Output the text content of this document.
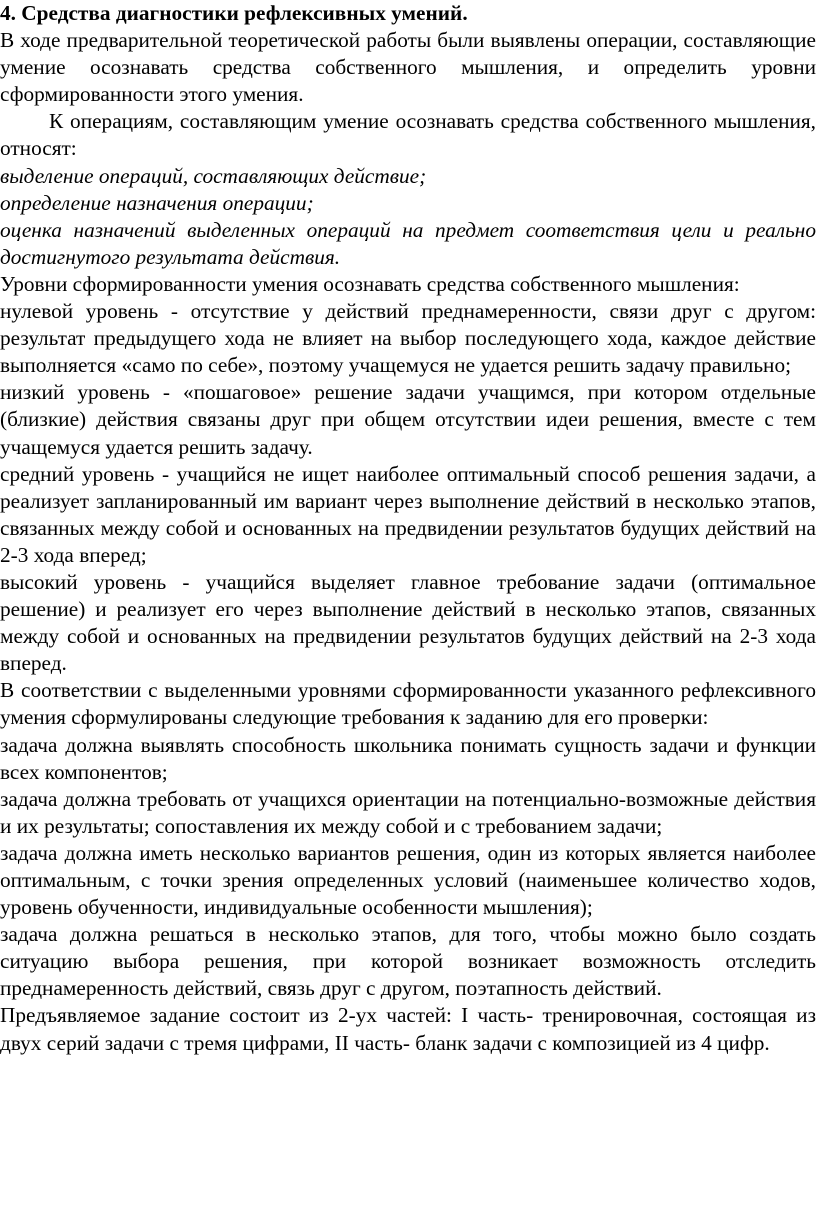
4. Средства диагностики рефлексивных умений.

В ходе предварительной теоретической работы были выявлены операции, составляющие умение осознавать средства собственного мышления, и определить уровни сформированности этого умения.

К операциям, составляющим умение осознавать средства собственного мышления, относят:

выделение операций, составляющих действие;

определение назначения операции;

оценка назначений выделенных операций на предмет соответствия цели и реально достигнутого результата действия.

Уровни сформированности умения осознавать средства собственного мышления:

нулевой уровень - отсутствие у действий преднамеренности, связи друг с другом: результат предыдущего хода не влияет на выбор последующего хода, каждое действие выполняется «само по себе», поэтому учащемуся не удается решить задачу правильно;

низкий уровень - «пошаговое» решение задачи учащимся, при котором отдельные (близкие) действия связаны друг при общем отсутствии идеи решения, вместе с тем учащемуся удается решить задачу.

средний уровень - учащийся не ищет наиболее оптимальный способ решения задачи, а реализует запланированный им вариант через выполнение действий в несколько этапов, связанных между собой и основанных на предвидении результатов будущих действий на 2-3 хода вперед;

высокий уровень - учащийся выделяет главное требование задачи (оптимальное решение) и реализует его через выполнение действий в несколько этапов, связанных между собой и основанных на предвидении результатов будущих действий на 2-3 хода вперед.

В соответствии с выделенными уровнями сформированности указанного рефлексивного умения сформулированы следующие требования к заданию для его проверки:

задача должна выявлять способность школьника понимать сущность задачи и функции всех компонентов;

задача должна требовать от учащихся ориентации на потенциально-возможные действия и их результаты; сопоставления их между собой и с требованием задачи;

задача должна иметь несколько вариантов решения, один из которых является наиболее оптимальным, с точки зрения определенных условий (наименьшее количество ходов, уровень обученности, индивидуальные особенности мышления);

задача должна решаться в несколько этапов, для того, чтобы можно было создать ситуацию выбора решения, при которой возникает возможность отследить преднамеренность действий, связь друг с другом, поэтапность действий.

Предъявляемое задание состоит из 2-ух частей: I часть- тренировочная, состоящая из двух серий задачи с тремя цифрами, II часть- бланк задачи с композицией из 4 цифр.
